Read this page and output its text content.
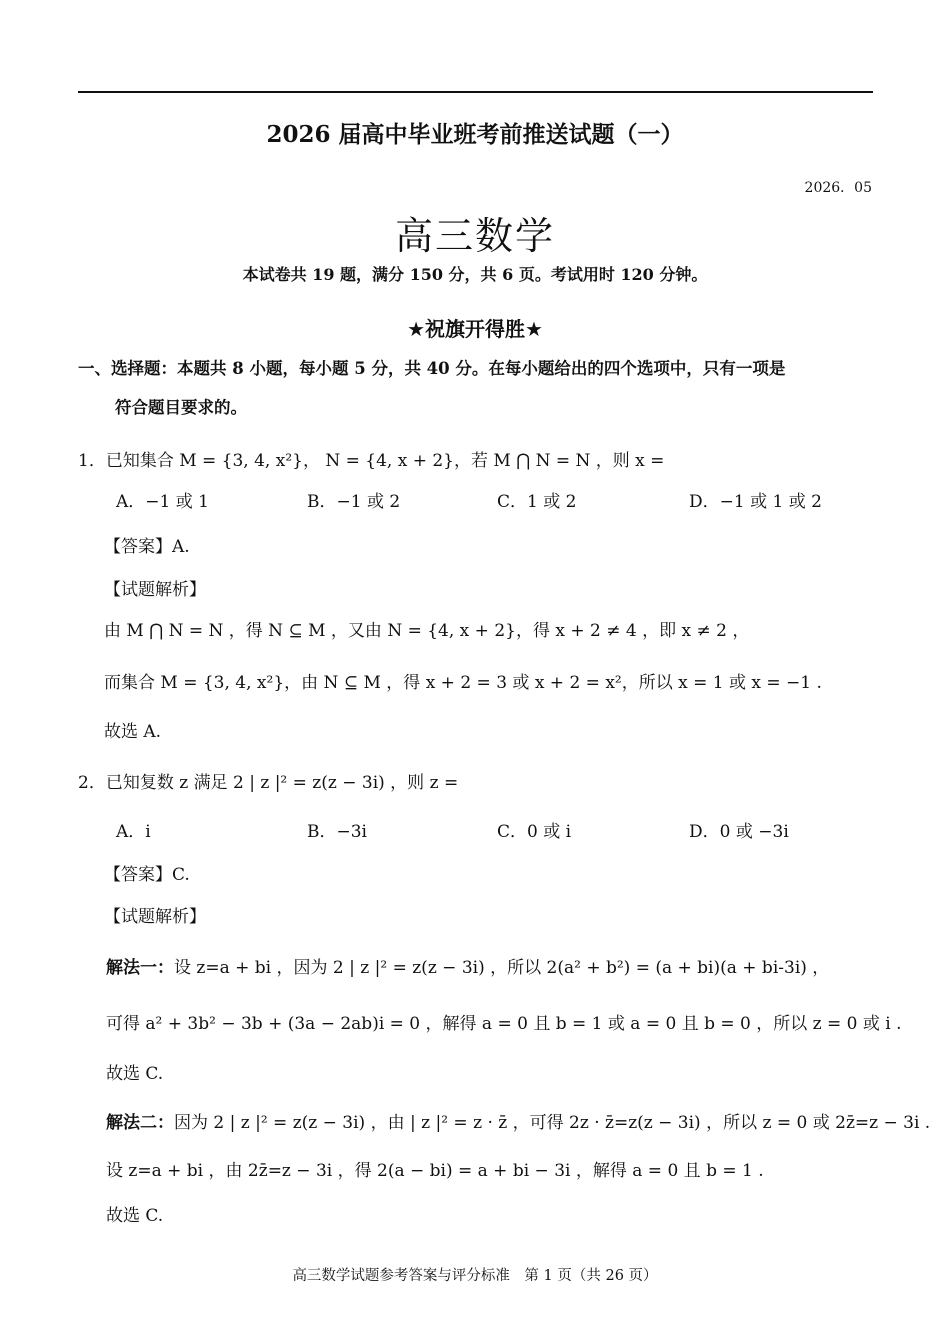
2026 届高中毕业班考前推送试题（一）
2026．05
高三数学
本试卷共 19 题，满分 150 分，共 6 页。考试用时 120 分钟。
★祝旗开得胜★
一、选择题：本题共 8 小题，每小题 5 分，共 40 分。在每小题给出的四个选项中，只有一项是
符合题目要求的。
1．已知集合 M = {3, 4, x²}， N = {4, x + 2}，若 M ⋂ N = N ，则 x =
A．−1 或 1	B．−1 或 2	C．1 或 2	D．−1 或 1 或 2
【答案】A.
【试题解析】
由 M ⋂ N = N ，得 N ⊆ M ，又由 N = {4, x + 2}，得 x + 2 ≠ 4 ，即 x ≠ 2 ，
而集合 M = {3, 4, x²}，由 N ⊆ M ，得 x + 2 = 3 或 x + 2 = x²，所以 x = 1 或 x = −1 .
故选 A.
2．已知复数 z 满足 2 | z |² = z(z − 3i) ，则 z =
A．i	B．−3i	C．0 或 i	D．0 或 −3i
【答案】C.
【试题解析】
解法一：设 z=a + bi ，因为 2 | z |² = z(z − 3i) ，所以 2(a² + b²) = (a + bi)(a + bi-3i) ，
可得 a² + 3b² − 3b + (3a − 2ab)i = 0 ，解得 a = 0 且 b = 1 或 a = 0 且 b = 0 ，所以 z = 0 或 i .
故选 C.
解法二：因为 2 | z |² = z(z − 3i) ，由 | z |² = z · z̄ ，可得 2z · z̄=z(z − 3i) ，所以 z = 0 或 2z̄=z − 3i .
设 z=a + bi ，由 2z̄=z − 3i ，得 2(a − bi) = a + bi − 3i ，解得 a = 0 且 b = 1 .
故选 C.
高三数学试题参考答案与评分标准　第 1 页（共 26 页）
